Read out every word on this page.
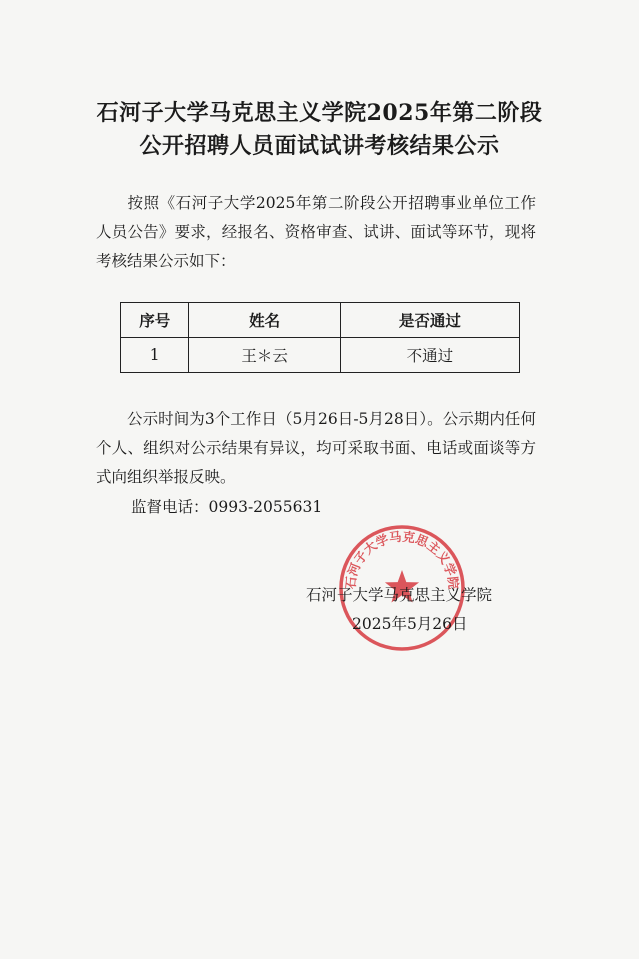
石河子大学马克思主义学院2025年第二阶段
公开招聘人员面试试讲考核结果公示
按照《石河子大学2025年第二阶段公开招聘事业单位工作人员公告》要求，经报名、资格审查、试讲、面试等环节，现将考核结果公示如下：
序号	姓名	是否通过
1	王＊云	不通过
公示时间为3个工作日（5月26日-5月28日）。公示期内任何个人、组织对公示结果有异议，均可采取书面、电话或面谈等方式向组织举报反映。
监督电话：0993-2055631
石河子大学马克思主义学院
石河子大学马克思主义学院
2025年5月26日
